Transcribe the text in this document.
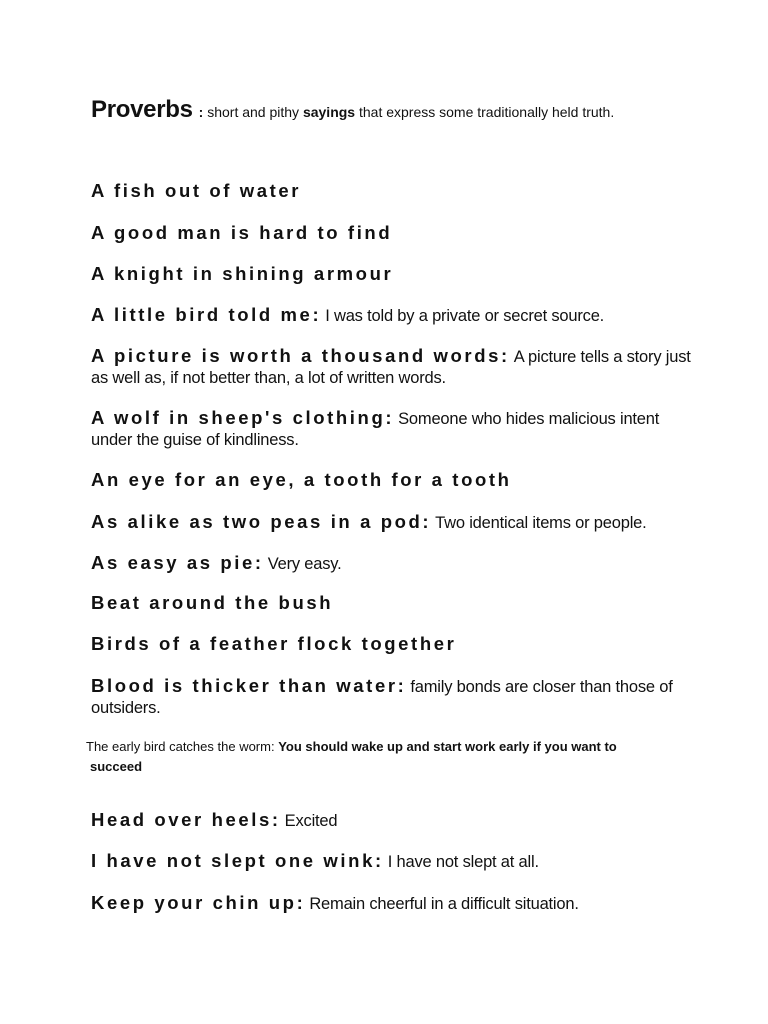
Proverbs : short and pithy sayings that express some traditionally held truth.
A fish out of water
A good man is hard to find
A knight in shining armour
A little bird told me: I was told by a private or secret source.
A picture is worth a thousand words: A picture tells a story just as well as, if not better than, a lot of written words.
A wolf in sheep's clothing: Someone who hides malicious intent under the guise of kindliness.
An eye for an eye, a tooth for a tooth
As alike as two peas in a pod: Two identical items or people.
As easy as pie: Very easy.
Beat around the bush
Birds of a feather flock together
Blood is thicker than water: family bonds are closer than those of outsiders.
The early bird catches the worm: You should wake up and start work early if you want to
succeed
Head over heels: Excited
I have not slept one wink: I have not slept at all.
Keep your chin up: Remain cheerful in a difficult situation.
